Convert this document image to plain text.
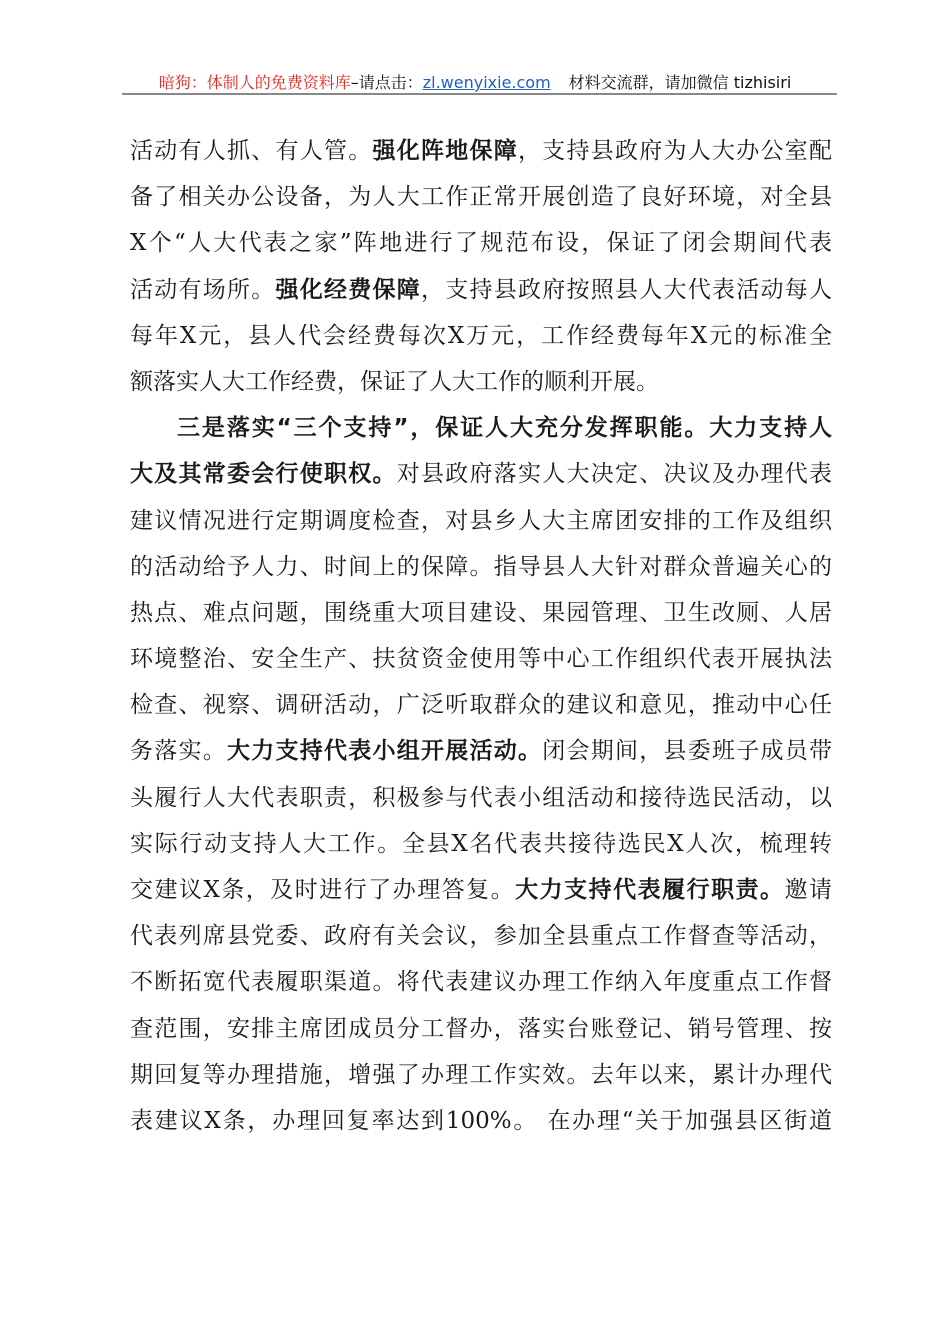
暗狗：体制人的免费资料库–请点击：zl.wenyixie.com 材料交流群，请加微信 tizhisiri
活动有人抓、有人管。强化阵地保障，支持县政府为人大办公室配
备了相关办公设备，为人大工作正常开展创造了良好环境，对全县
X个“人大代表之家”阵地进行了规范布设，保证了闭会期间代表
活动有场所。强化经费保障，支持县政府按照县人大代表活动每人
每年X元，县人代会经费每次X万元，工作经费每年X元的标准全
额落实人大工作经费，保证了人大工作的顺利开展。
三是落实“三个支持”，保证人大充分发挥职能。大力支持人
大及其常委会行使职权。对县政府落实人大决定、决议及办理代表
建议情况进行定期调度检查，对县乡人大主席团安排的工作及组织
的活动给予人力、时间上的保障。指导县人大针对群众普遍关心的
热点、难点问题，围绕重大项目建设、果园管理、卫生改厕、人居
环境整治、安全生产、扶贫资金使用等中心工作组织代表开展执法
检查、视察、调研活动，广泛听取群众的建议和意见，推动中心任
务落实。大力支持代表小组开展活动。闭会期间，县委班子成员带
头履行人大代表职责，积极参与代表小组活动和接待选民活动，以
实际行动支持人大工作。全县X名代表共接待选民X人次，梳理转
交建议X条，及时进行了办理答复。大力支持代表履行职责。邀请
代表列席县党委、政府有关会议，参加全县重点工作督查等活动，
不断拓宽代表履职渠道。将代表建议办理工作纳入年度重点工作督
查范围，安排主席团成员分工督办，落实台账登记、销号管理、按
期回复等办理措施，增强了办理工作实效。去年以来，累计办理代
表建议X条，办理回复率达到100%。 在办理“关于加强县区街道
